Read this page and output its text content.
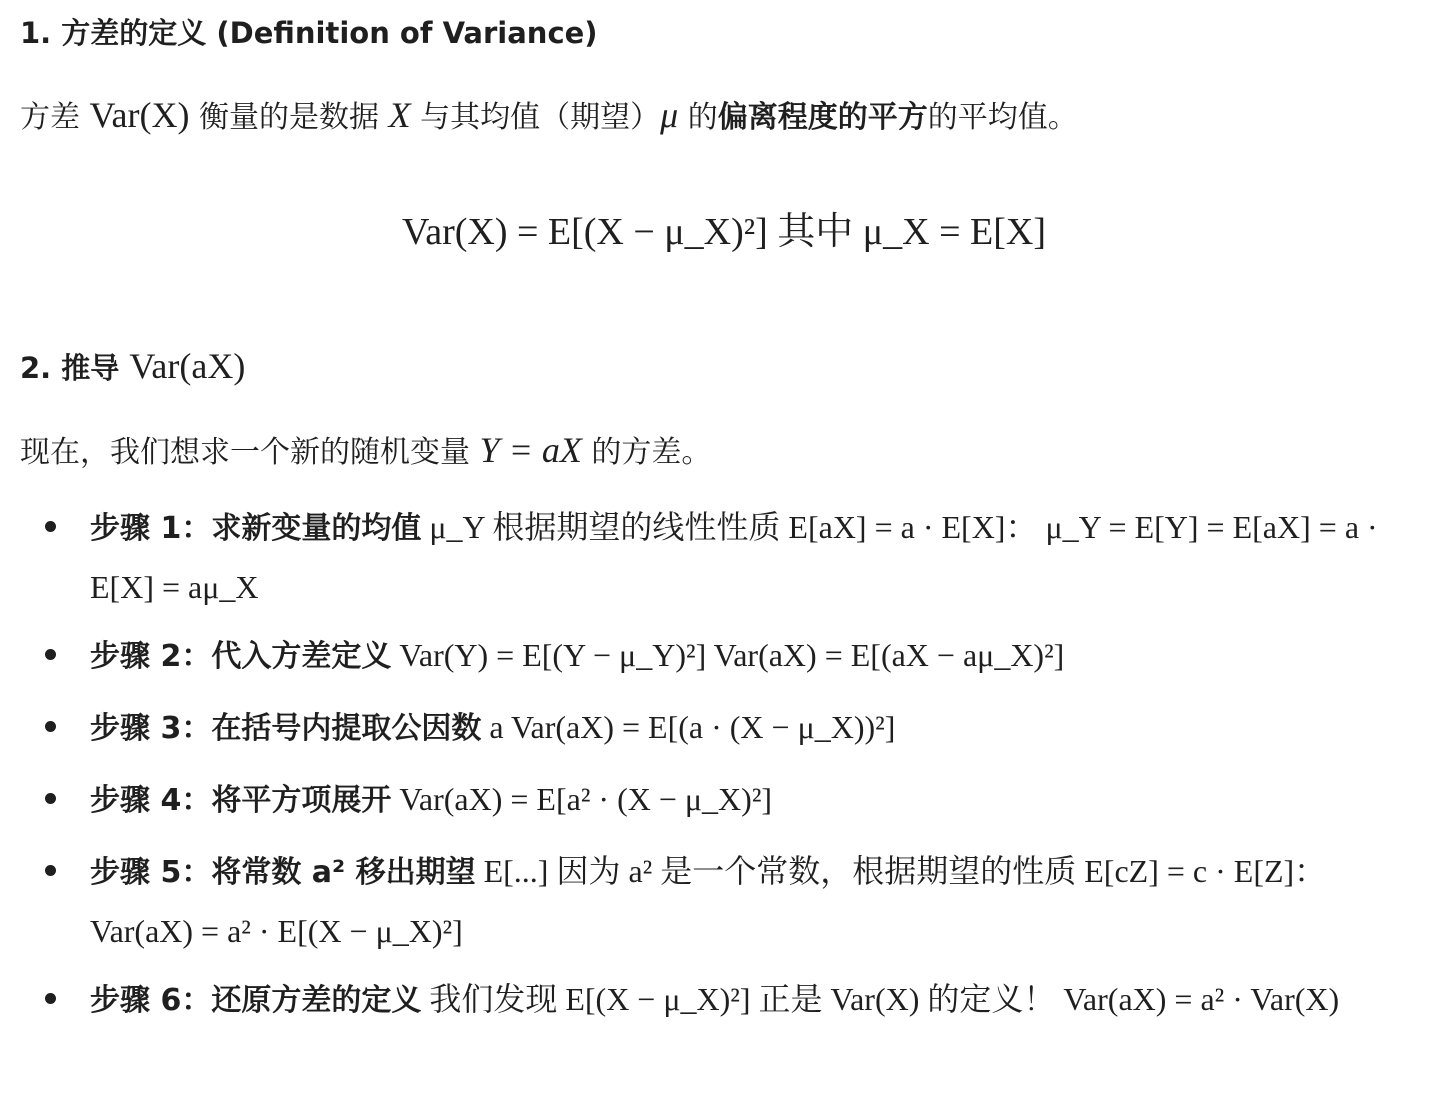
1. 方差的定义 (Definition of Variance)

方差 Var(X) 衡量的是数据 X 与其均值（期望）μ 的偏离程度的平方的平均值。

Var(X) = E[(X − μ_X)²] 其中 μ_X = E[X]

2. 推导 Var(aX)

现在，我们想求一个新的随机变量 Y = aX 的方差。

步骤 1：求新变量的均值 μ_Y 根据期望的线性性质 E[aX] = a · E[X]： μ_Y = E[Y] = E[aX] = a · E[X] = aμ_X
步骤 2：代入方差定义 Var(Y) = E[(Y − μ_Y)²] Var(aX) = E[(aX − aμ_X)²]
步骤 3：在括号内提取公因数 a Var(aX) = E[(a · (X − μ_X))²]
步骤 4：将平方项展开 Var(aX) = E[a² · (X − μ_X)²]
步骤 5：将常数 a² 移出期望 E[...] 因为 a² 是一个常数，根据期望的性质 E[cZ] = c · E[Z]： Var(aX) = a² · E[(X − μ_X)²]
步骤 6：还原方差的定义 我们发现 E[(X − μ_X)²] 正是 Var(X) 的定义！ Var(aX) = a² · Var(X)
